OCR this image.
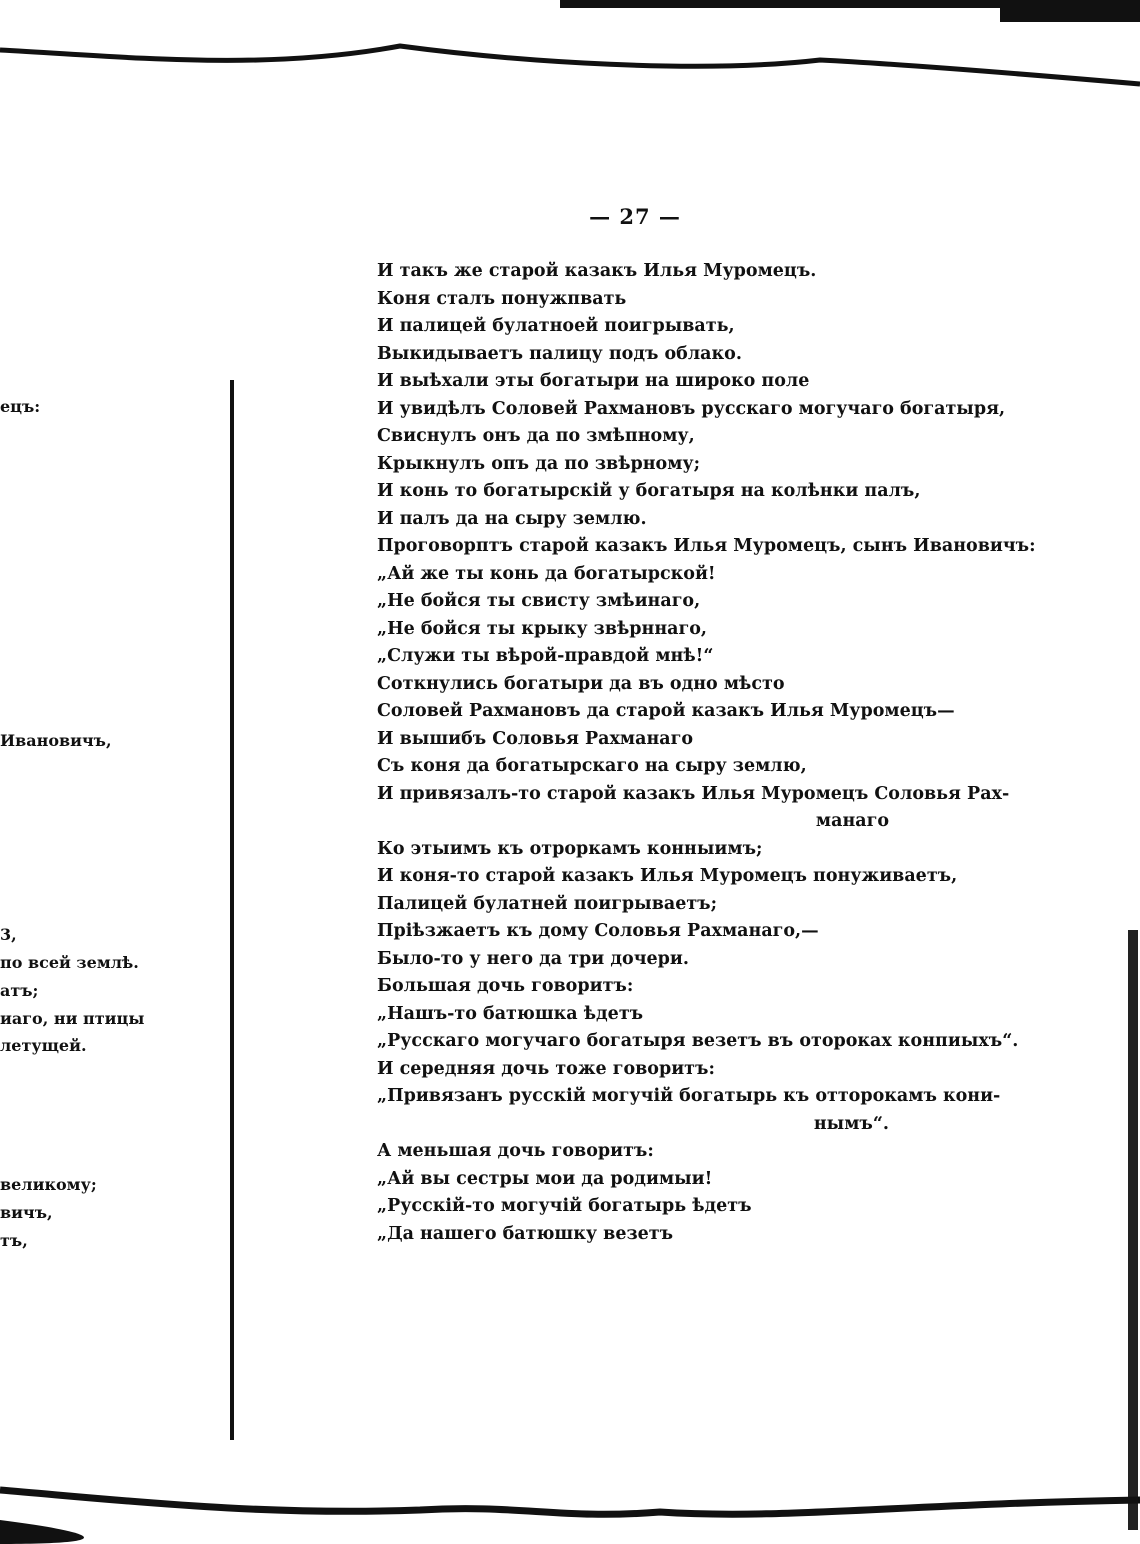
— 27 —
И такъ же старой казакъ Илья Муромецъ.
Коня сталъ понужпвать
И палицей булатноей поигрывать,
Выкидываетъ палицу подъ облако.
И выѣхали эты богатыри на широко поле
И увидѣлъ Соловей Рахмановъ русскаго могучаго богатыря,
Свиснулъ онъ да по змѣпному,
Крыкнулъ опъ да по звѣрному;
И конь то богатырскій у богатыря на колѣнки палъ,
И палъ да на сыру землю.
Проговорптъ старой казакъ Илья Муромецъ, сынъ Ивановичъ:
„Ай же ты конь да богатырской!
„Не бойся ты свисту змѣинаго,
„Не бойся ты крыку звѣрннаго,
„Служи ты вѣрой-правдой мнѣ!“
Соткнулись богатыри да въ одно мѣсто
Соловей Рахмановъ да старой казакъ Илья Муромецъ—
И вышибъ Соловья Рахманаго
Съ коня да богатырскаго на сыру землю,
И привязалъ-то старой казакъ Илья Муромецъ Соловья Рах-
манаго
Ко этыимъ къ отроркамъ конныимъ;
И коня-то старой казакъ Илья Муромецъ понуживаетъ,
Палицей булатней поигрываетъ;
Пріѣзжаетъ къ дому Соловья Рахманаго,—
Было-то у него да три дочери.
Большая дочь говоритъ:
„Нашъ-то батюшка ѣдетъ
„Русскаго могучаго богатыря везетъ въ отороках конпиыхъ“.
И середняя дочь тоже говоритъ:
„Привязанъ русскій могучій богатырь къ отторокамъ кони-
нымъ“.
А меньшая дочь говоритъ:
„Ай вы сестры мои да родимыи!
„Русскій-то могучій богатырь ѣдетъ
„Да нашего батюшку везетъ
ецъ:
Ивановичъ,
3,
по всей землѣ.
атъ;
иаго, ни птицы
летущей.
великому;
вичъ,
тъ,
